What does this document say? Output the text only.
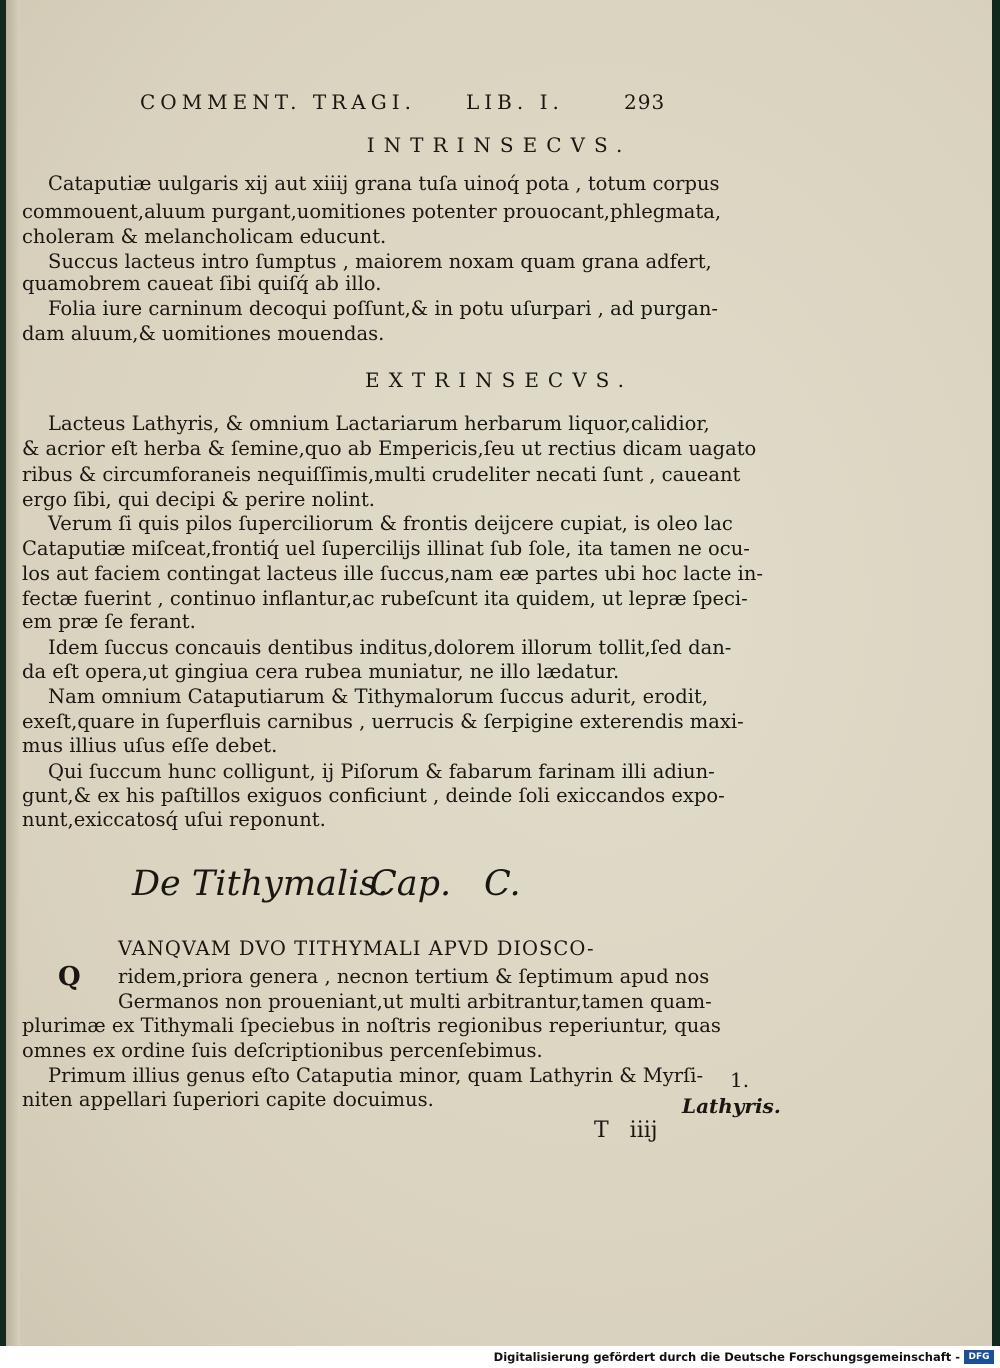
COMMENT. TRAGI.	LIB. I.	293
INTRINSECVS.
Cataputiæ uulgaris xij aut xiiij grana tuſa uinoq́ pota , totum corpus
commouent,aluum purgant,uomitiones potenter prouocant,phlegmata,
choleram & melancholicam educunt.
Succus lacteus intro ſumptus , maiorem noxam quam grana adfert,
quamobrem caueat ſibi quiſq́ ab illo.
Folia iure carninum decoqui poſſunt,& in potu uſurpari , ad purgan-
dam aluum,& uomitiones mouendas.
EXTRINSECVS.
Lacteus Lathyris, & omnium Lactariarum herbarum liquor,calidior,
& acrior eſt herba & ſemine,quo ab Empericis,ſeu ut rectius dicam uagato
ribus & circumforaneis nequiſſimis,multi crudeliter necati ſunt , caueant
ergo ſibi, qui decipi & perire nolint.
Verum ſi quis pilos ſuperciliorum & frontis deijcere cupiat, is oleo lac
Cataputiæ miſceat,frontiq́ uel ſupercilijs illinat ſub ſole, ita tamen ne ocu-
los aut faciem contingat lacteus ille ſuccus,nam eæ partes ubi hoc lacte in-
fectæ fuerint , continuo inflantur,ac rubeſcunt ita quidem, ut lepræ ſpeci-
em præ ſe ferant.
Idem ſuccus concauis dentibus inditus,dolorem illorum tollit,ſed dan-
da eſt opera,ut gingiua cera rubea muniatur, ne illo lædatur.
Nam omnium Cataputiarum & Tithymalorum ſuccus adurit, erodit,
exeſt,quare in ſuperfluis carnibus , uerrucis & ſerpigine exterendis maxi-
mus illius uſus eſſe debet.
Qui ſuccum hunc colligunt, ij Piſorum & fabarum farinam illi adiun-
gunt,& ex his paſtillos exiguos conficiunt , deinde ſoli exiccandos expo-
nunt,exiccatosq́ uſui reponunt.
De Tithymalis.
Cap. C.
Q
VANQVAM DVO TITHYMALI APVD DIOSCO-
ridem,priora genera , necnon tertium & ſeptimum apud nos
Germanos non proueniant,ut multi arbitrantur,tamen quam-
plurimæ ex Tithymali ſpeciebus in noſtris regionibus reperiuntur, quas
omnes ex ordine ſuis deſcriptionibus percenſebimus.
Primum illius genus eſto Cataputia minor, quam Lathyrin & Myrſi-
niten appellari ſuperiori capite docuimus.
1.
Lathyris.
T iiij
Digitalisierung gefördert durch die Deutsche Forschungsgemeinschaft - DFG
